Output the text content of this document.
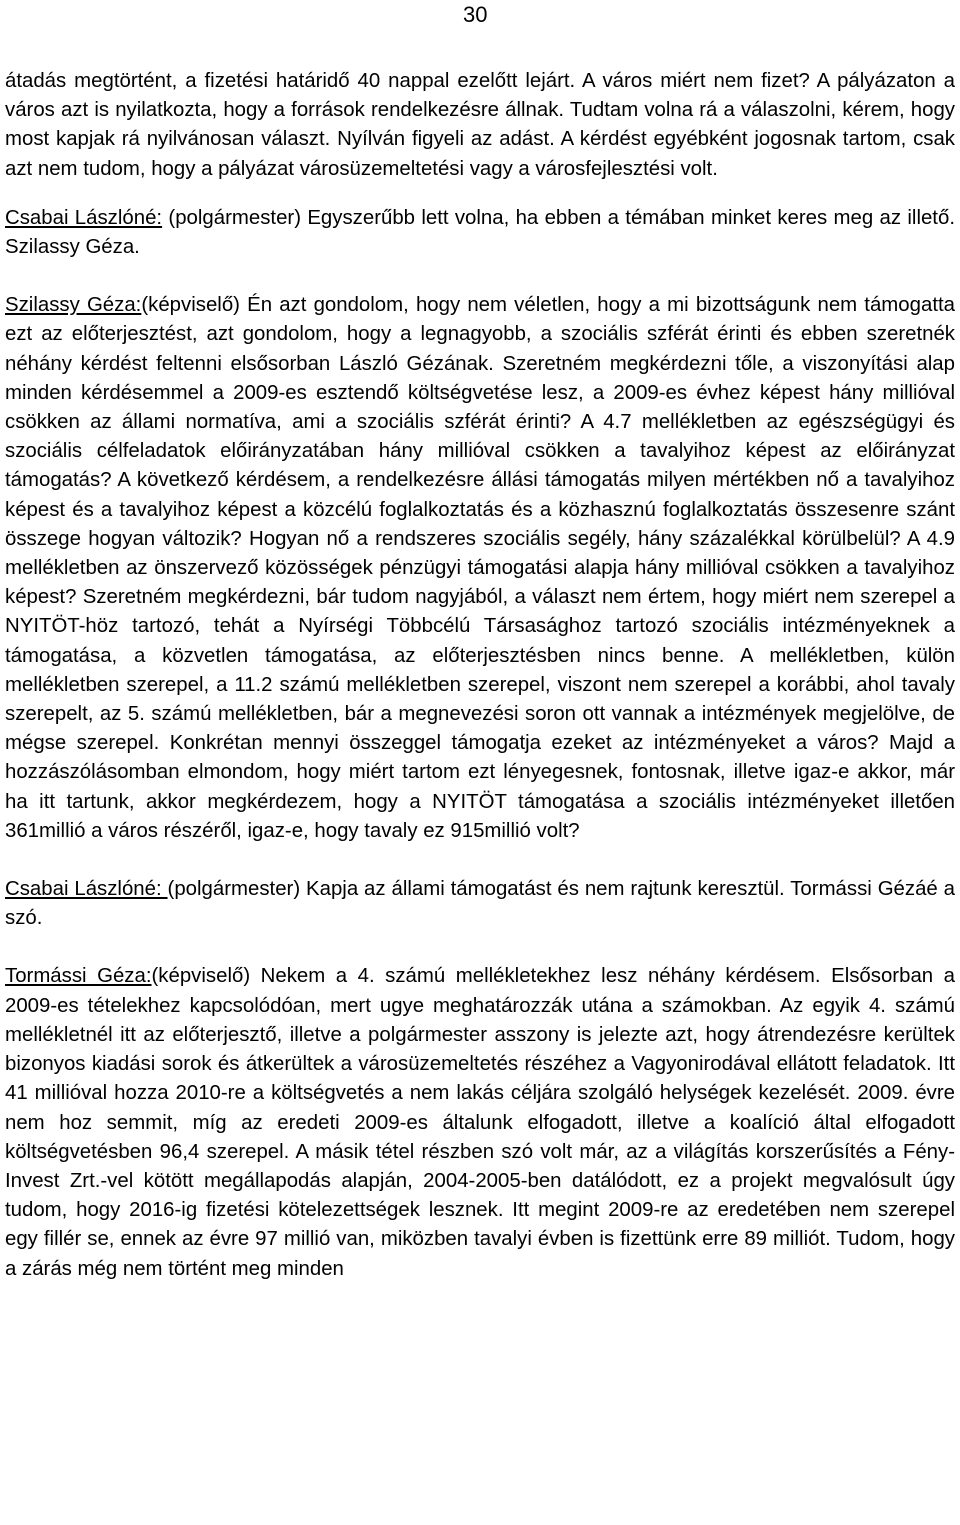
30

átadás megtörtént, a fizetési határidő 40 nappal ezelőtt lejárt. A város miért nem fizet? A pályázaton a város azt is nyilatkozta, hogy a források rendelkezésre állnak. Tudtam volna rá a válaszolni, kérem, hogy most kapjak rá nyilvánosan választ. Nyílván figyeli az adást. A kérdést egyébként jogosnak tartom, csak azt nem tudom, hogy a pályázat városüzemeltetési vagy a városfejlesztési volt.

Csabai Lászlóné: (polgármester) Egyszerűbb lett volna, ha ebben a témában minket keres meg az illető. Szilassy Géza.

Szilassy Géza:(képviselő) Én azt gondolom, hogy nem véletlen, hogy a mi bizottságunk nem támogatta ezt az előterjesztést, azt gondolom, hogy a legnagyobb, a szociális szférát érinti és ebben szeretnék néhány kérdést feltenni elsősorban László Gézának. Szeretném megkérdezni tőle, a viszonyítási alap minden kérdésemmel a 2009-es esztendő költségvetése lesz, a 2009-es évhez képest hány millióval csökken az állami normatíva, ami a szociális szférát érinti? A 4.7 mellékletben az egészségügyi és szociális célfeladatok előirányzatában hány millióval csökken a tavalyihoz képest az előirányzat támogatás? A következő kérdésem, a rendelkezésre állási támogatás milyen mértékben nő a tavalyihoz képest és a tavalyihoz képest a közcélú foglalkoztatás és a közhasznú foglalkoztatás összesenre szánt összege hogyan változik? Hogyan nő a rendszeres szociális segély, hány százalékkal körülbelül? A 4.9 mellékletben az önszervező közösségek pénzügyi támogatási alapja hány millióval csökken a tavalyihoz képest? Szeretném megkérdezni, bár tudom nagyjából, a választ nem értem, hogy miért nem szerepel a NYITÖT-höz tartozó, tehát a Nyírségi Többcélú Társasághoz tartozó szociális intézményeknek a támogatása, a közvetlen támogatása, az előterjesztésben nincs benne. A mellékletben, külön mellékletben szerepel, a 11.2 számú mellékletben szerepel, viszont nem szerepel a korábbi, ahol tavaly szerepelt, az 5. számú mellékletben, bár a megnevezési soron ott vannak a intézmények megjelölve, de mégse szerepel. Konkrétan mennyi összeggel támogatja ezeket az intézményeket a város? Majd a hozzászólásomban elmondom, hogy miért tartom ezt lényegesnek, fontosnak, illetve igaz-e akkor, már ha itt tartunk, akkor megkérdezem, hogy a NYITÖT támogatása a szociális intézményeket illetően 361millió a város részéről, igaz-e, hogy tavaly ez 915millió volt?

Csabai Lászlóné: (polgármester) Kapja az állami támogatást és nem rajtunk keresztül. Tormássi Gézáé a szó.

Tormássi Géza:(képviselő) Nekem a 4. számú mellékletekhez lesz néhány kérdésem. Elsősorban a 2009-es tételekhez kapcsolódóan, mert ugye meghatározzák utána a számokban. Az egyik 4. számú mellékletnél itt az előterjesztő, illetve a polgármester asszony is jelezte azt, hogy átrendezésre kerültek bizonyos kiadási sorok és átkerültek a városüzemeltetés részéhez a Vagyonirodával ellátott feladatok. Itt 41 millióval hozza 2010-re a költségvetés a nem lakás céljára szolgáló helységek kezelését. 2009. évre nem hoz semmit, míg az eredeti 2009-es általunk elfogadott, illetve a koalíció által elfogadott költségvetésben 96,4 szerepel. A másik tétel részben szó volt már, az a világítás korszerűsítés a Fény-Invest Zrt.-vel kötött megállapodás alapján, 2004-2005-ben datálódott, ez a projekt megvalósult úgy tudom, hogy 2016-ig fizetési kötelezettségek lesznek. Itt megint 2009-re az eredetében nem szerepel egy fillér se, ennek az évre 97 millió van, miközben tavalyi évben is fizettünk erre 89 milliót. Tudom, hogy a zárás még nem történt meg minden
